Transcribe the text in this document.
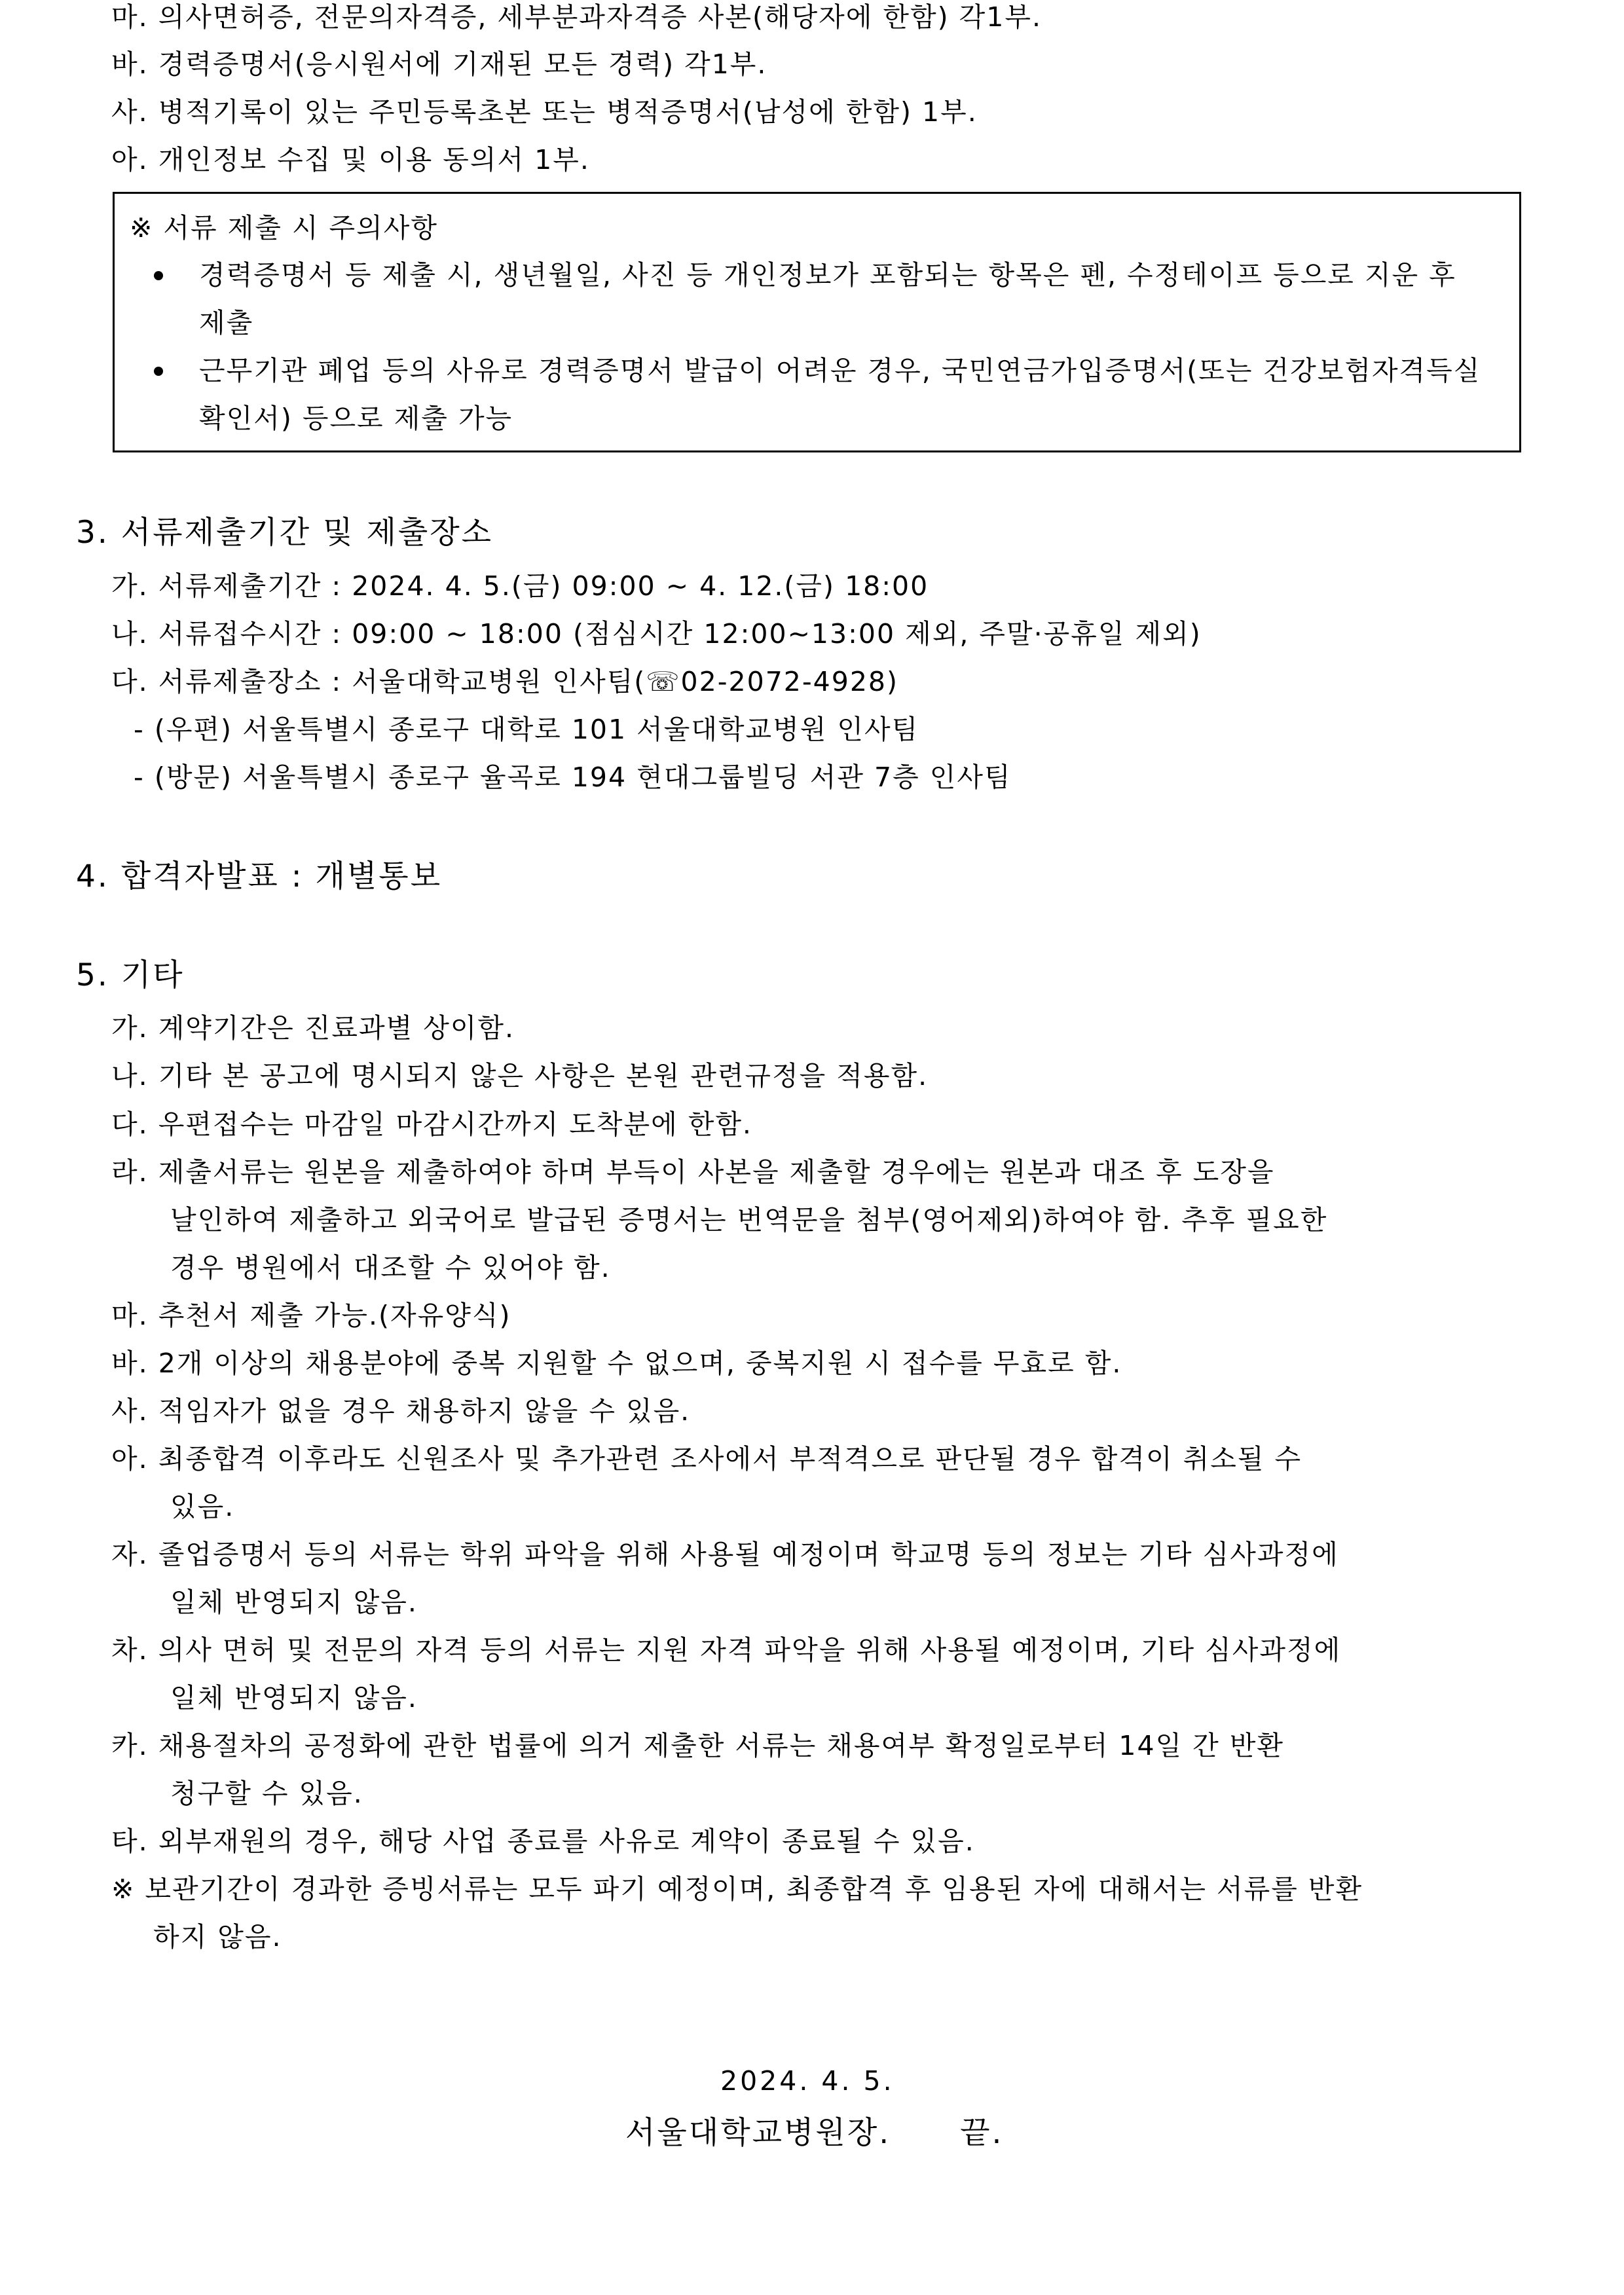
마. 의사면허증, 전문의자격증, 세부분과자격증 사본(해당자에 한함) 각1부.
바. 경력증명서(응시원서에 기재된 모든 경력) 각1부.
사. 병적기록이 있는 주민등록초본 또는 병적증명서(남성에 한함) 1부.
아. 개인정보 수집 및 이용 동의서 1부.
※ 서류 제출 시 주의사항
경력증명서 등 제출 시, 생년월일, 사진 등 개인정보가 포함되는 항목은 펜, 수정테이프 등으로 지운 후
제출
근무기관 폐업 등의 사유로 경력증명서 발급이 어려운 경우, 국민연금가입증명서(또는 건강보험자격득실
확인서) 등으로 제출 가능
3. 서류제출기간 및 제출장소
가. 서류제출기간 : 2024. 4. 5.(금) 09:00 ~ 4. 12.(금) 18:00
나. 서류접수시간 : 09:00 ~ 18:00 (점심시간 12:00~13:00 제외, 주말·공휴일 제외)
다. 서류제출장소 : 서울대학교병원 인사팀(☏02-2072-4928)
- (우편) 서울특별시 종로구 대학로 101 서울대학교병원 인사팀
- (방문) 서울특별시 종로구 율곡로 194 현대그룹빌딩 서관 7층 인사팀
4. 합격자발표 : 개별통보
5. 기타
가. 계약기간은 진료과별 상이함.
나. 기타 본 공고에 명시되지 않은 사항은 본원 관련규정을 적용함.
다. 우편접수는 마감일 마감시간까지 도착분에 한함.
라. 제출서류는 원본을 제출하여야 하며 부득이 사본을 제출할 경우에는 원본과 대조 후 도장을
날인하여 제출하고 외국어로 발급된 증명서는 번역문을 첨부(영어제외)하여야 함. 추후 필요한
경우 병원에서 대조할 수 있어야 함.
마. 추천서 제출 가능.(자유양식)
바. 2개 이상의 채용분야에 중복 지원할 수 없으며, 중복지원 시 접수를 무효로 함.
사. 적임자가 없을 경우 채용하지 않을 수 있음.
아. 최종합격 이후라도 신원조사 및 추가관련 조사에서 부적격으로 판단될 경우 합격이 취소될 수
있음.
자. 졸업증명서 등의 서류는 학위 파악을 위해 사용될 예정이며 학교명 등의 정보는 기타 심사과정에
일체 반영되지 않음.
차. 의사 면허 및 전문의 자격 등의 서류는 지원 자격 파악을 위해 사용될 예정이며, 기타 심사과정에
일체 반영되지 않음.
카. 채용절차의 공정화에 관한 법률에 의거 제출한 서류는 채용여부 확정일로부터 14일 간 반환
청구할 수 있음.
타. 외부재원의 경우, 해당 사업 종료를 사유로 계약이 종료될 수 있음.
※ 보관기간이 경과한 증빙서류는 모두 파기 예정이며, 최종합격 후 임용된 자에 대해서는 서류를 반환
하지 않음.
2024. 4. 5.
서울대학교병원장. 끝.
